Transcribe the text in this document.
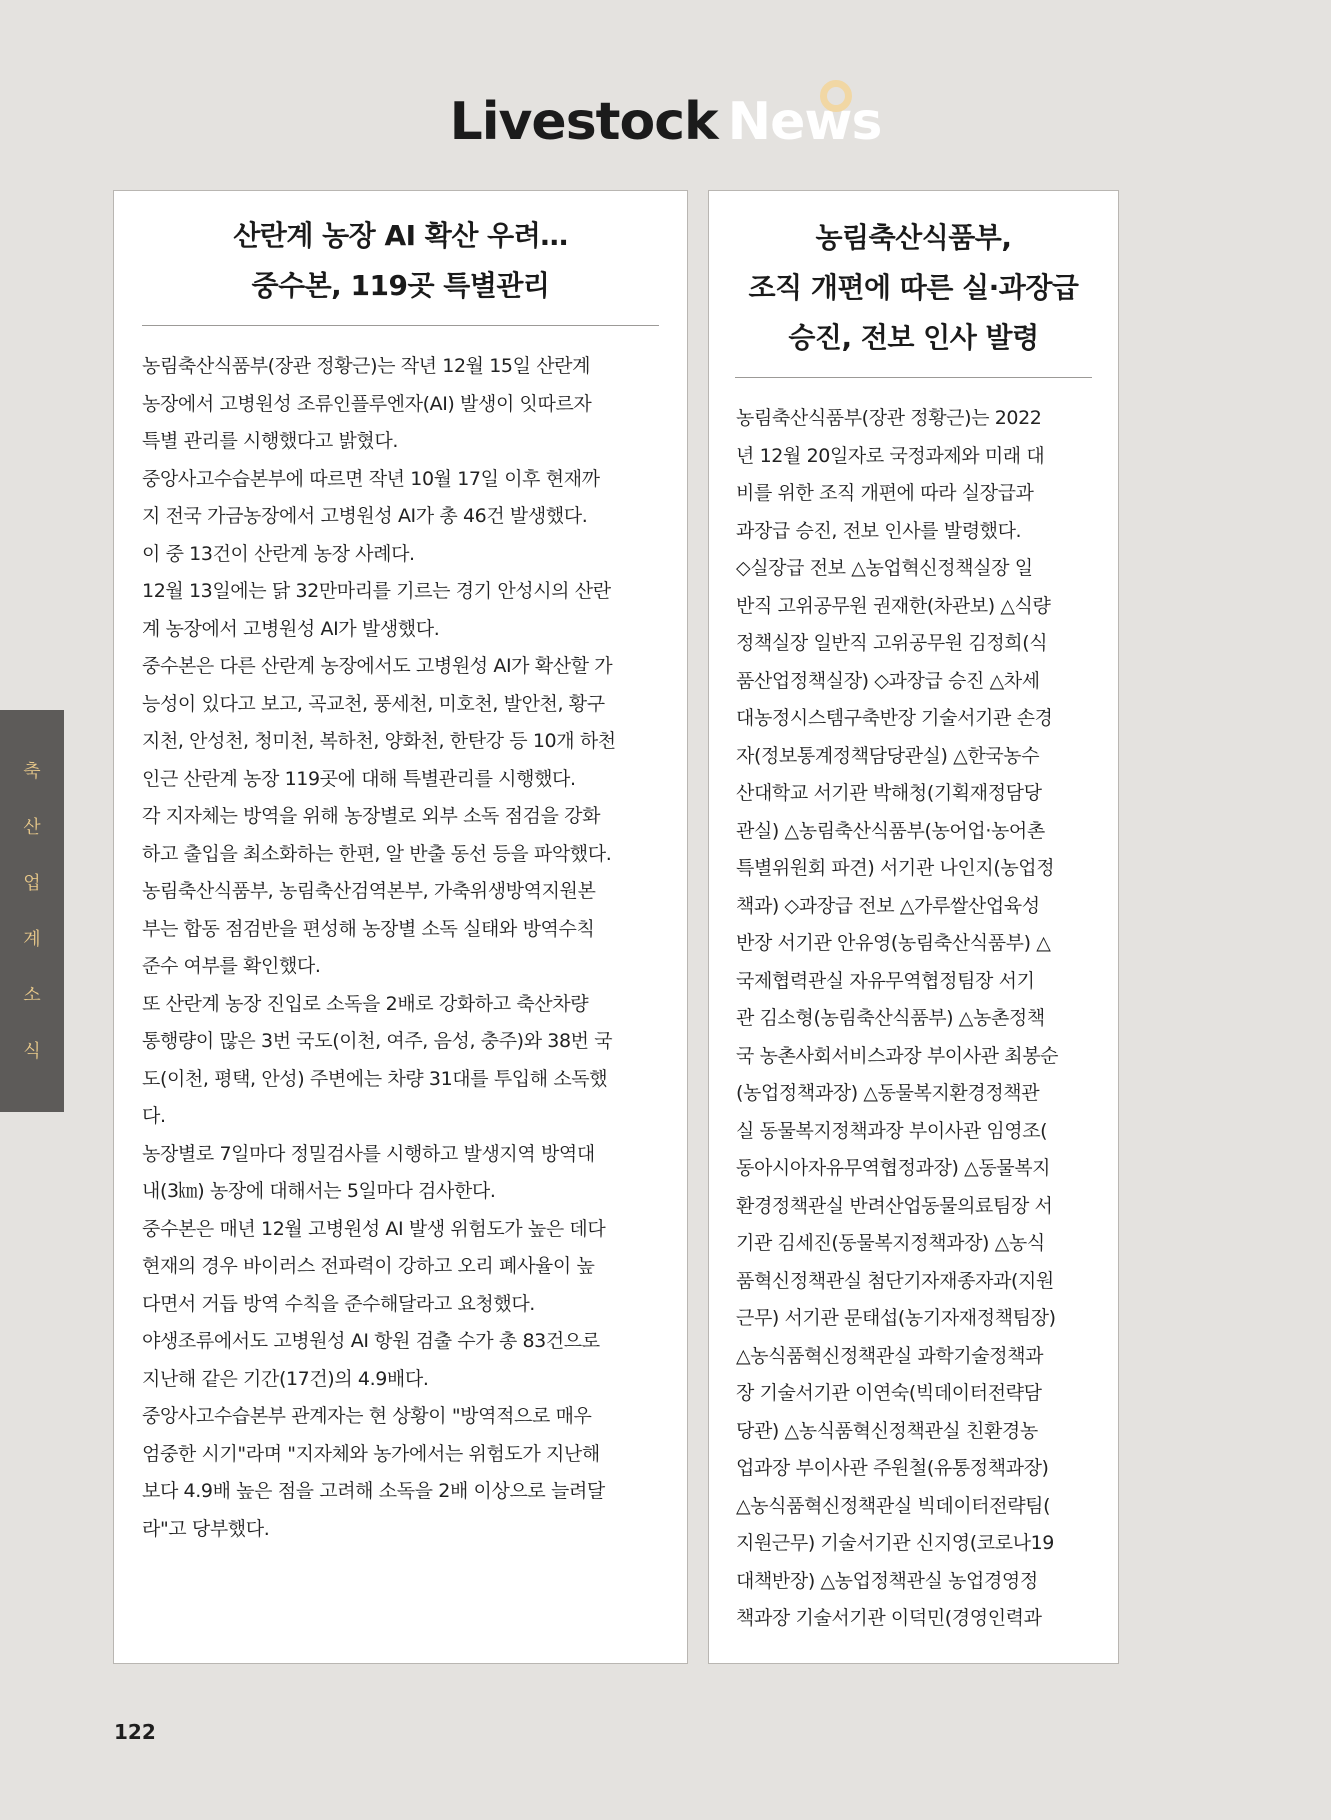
Livestock News
축
산
업
계
소
식
산란계 농장 AI 확산 우려…
중수본, 119곳 특별관리
농림축산식품부(장관 정황근)는 작년 12월 15일 산란계
농장에서 고병원성 조류인플루엔자(AI) 발생이 잇따르자
특별 관리를 시행했다고 밝혔다.
중앙사고수습본부에 따르면 작년 10월 17일 이후 현재까
지 전국 가금농장에서 고병원성 AI가 총 46건 발생했다.
이 중 13건이 산란계 농장 사례다.
12월 13일에는 닭 32만마리를 기르는 경기 안성시의 산란
계 농장에서 고병원성 AI가 발생했다.
중수본은 다른 산란계 농장에서도 고병원성 AI가 확산할 가
능성이 있다고 보고, 곡교천, 풍세천, 미호천, 발안천, 황구
지천, 안성천, 청미천, 복하천, 양화천, 한탄강 등 10개 하천
인근 산란계 농장 119곳에 대해 특별관리를 시행했다.
각 지자체는 방역을 위해 농장별로 외부 소독 점검을 강화
하고 출입을 최소화하는 한편, 알 반출 동선 등을 파악했다.
농림축산식품부, 농림축산검역본부, 가축위생방역지원본
부는 합동 점검반을 편성해 농장별 소독 실태와 방역수칙
준수 여부를 확인했다.
또 산란계 농장 진입로 소독을 2배로 강화하고 축산차량
통행량이 많은 3번 국도(이천, 여주, 음성, 충주)와 38번 국
도(이천, 평택, 안성) 주변에는 차량 31대를 투입해 소독했
다.
농장별로 7일마다 정밀검사를 시행하고 발생지역 방역대
내(3㎞) 농장에 대해서는 5일마다 검사한다.
중수본은 매년 12월 고병원성 AI 발생 위험도가 높은 데다
현재의 경우 바이러스 전파력이 강하고 오리 폐사율이 높
다면서 거듭 방역 수칙을 준수해달라고 요청했다.
야생조류에서도 고병원성 AI 항원 검출 수가 총 83건으로
지난해 같은 기간(17건)의 4.9배다.
중앙사고수습본부 관계자는 현 상황이 "방역적으로 매우
엄중한 시기"라며 "지자체와 농가에서는 위험도가 지난해
보다 4.9배 높은 점을 고려해 소독을 2배 이상으로 늘려달
라"고 당부했다.
농림축산식품부,
조직 개편에 따른 실·과장급
승진, 전보 인사 발령
농림축산식품부(장관 정황근)는 2022
년 12월 20일자로 국정과제와 미래 대
비를 위한 조직 개편에 따라 실장급과
과장급 승진, 전보 인사를 발령했다.
◇실장급 전보 △농업혁신정책실장 일
반직 고위공무원 권재한(차관보) △식량
정책실장 일반직 고위공무원 김정희(식
품산업정책실장) ◇과장급 승진 △차세
대농정시스템구축반장 기술서기관 손경
자(정보통계정책담당관실) △한국농수
산대학교 서기관 박해청(기획재정담당
관실) △농림축산식품부(농어업·농어촌
특별위원회 파견) 서기관 나인지(농업정
책과) ◇과장급 전보 △가루쌀산업육성
반장 서기관 안유영(농림축산식품부) △
국제협력관실 자유무역협정팀장 서기
관 김소형(농림축산식품부) △농촌정책
국 농촌사회서비스과장 부이사관 최봉순
(농업정책과장) △동물복지환경정책관
실 동물복지정책과장 부이사관 임영조(
동아시아자유무역협정과장) △동물복지
환경정책관실 반려산업동물의료팀장 서
기관 김세진(동물복지정책과장) △농식
품혁신정책관실 첨단기자재종자과(지원
근무) 서기관 문태섭(농기자재정책팀장)
△농식품혁신정책관실 과학기술정책과
장 기술서기관 이연숙(빅데이터전략담
당관) △농식품혁신정책관실 친환경농
업과장 부이사관 주원철(유통정책과장)
△농식품혁신정책관실 빅데이터전략팀(
지원근무) 기술서기관 신지영(코로나19
대책반장) △농업정책관실 농업경영정
책과장 기술서기관 이덕민(경영인력과
122
